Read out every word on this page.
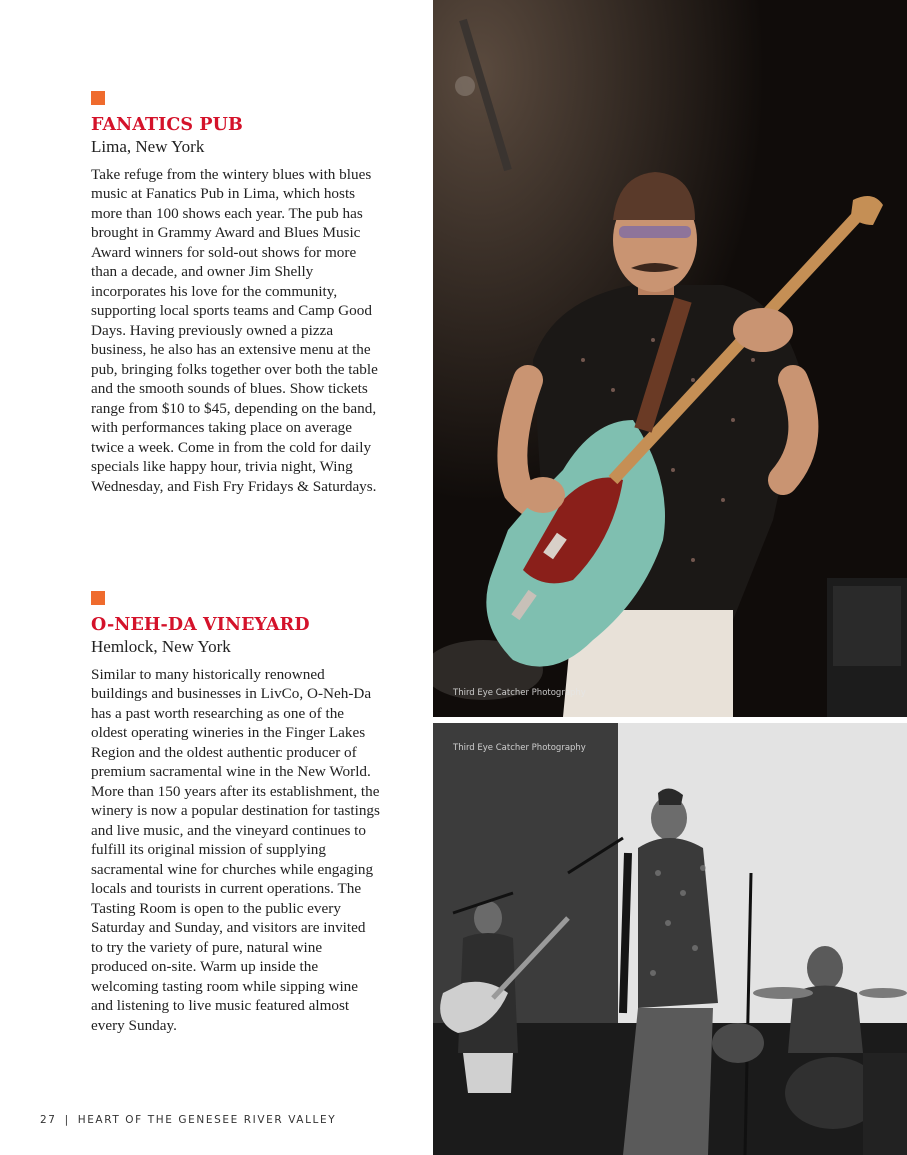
FANATICS PUB
Lima, New York
Take refuge from the wintery blues with blues music at Fanatics Pub in Lima, which hosts more than 100 shows each year. The pub has brought in Grammy Award and Blues Music Award winners for sold-out shows for more than a decade, and owner Jim Shelly incorporates his love for the community, supporting local sports teams and Camp Good Days. Having previously owned a pizza business, he also has an extensive menu at the pub, bringing folks together over both the table and the smooth sounds of blues. Show tickets range from $10 to $45, depending on the band, with performances taking place on average twice a week. Come in from the cold for daily specials like happy hour, trivia night, Wing Wednesday, and Fish Fry Fridays & Saturdays.
O-NEH-DA VINEYARD
Hemlock, New York
Similar to many historically renowned buildings and businesses in LivCo, O-Neh-Da has a past worth researching as one of the oldest operating wineries in the Finger Lakes Region and the oldest authentic producer of premium sacramental wine in the New World. More than 150 years after its establishment, the winery is now a popular destination for tastings and live music, and the vineyard continues to fulfill its original mission of supplying sacramental wine for churches while engaging locals and tourists in current operations. The Tasting Room is open to the public every Saturday and Sunday, and visitors are invited to try the variety of pure, natural wine produced on-site. Warm up inside the welcoming tasting room while sipping wine and listening to live music featured almost every Sunday.
27 | HEART OF THE GENESEE RIVER VALLEY
Third Eye Catcher Photography
Third Eye Catcher Photography
